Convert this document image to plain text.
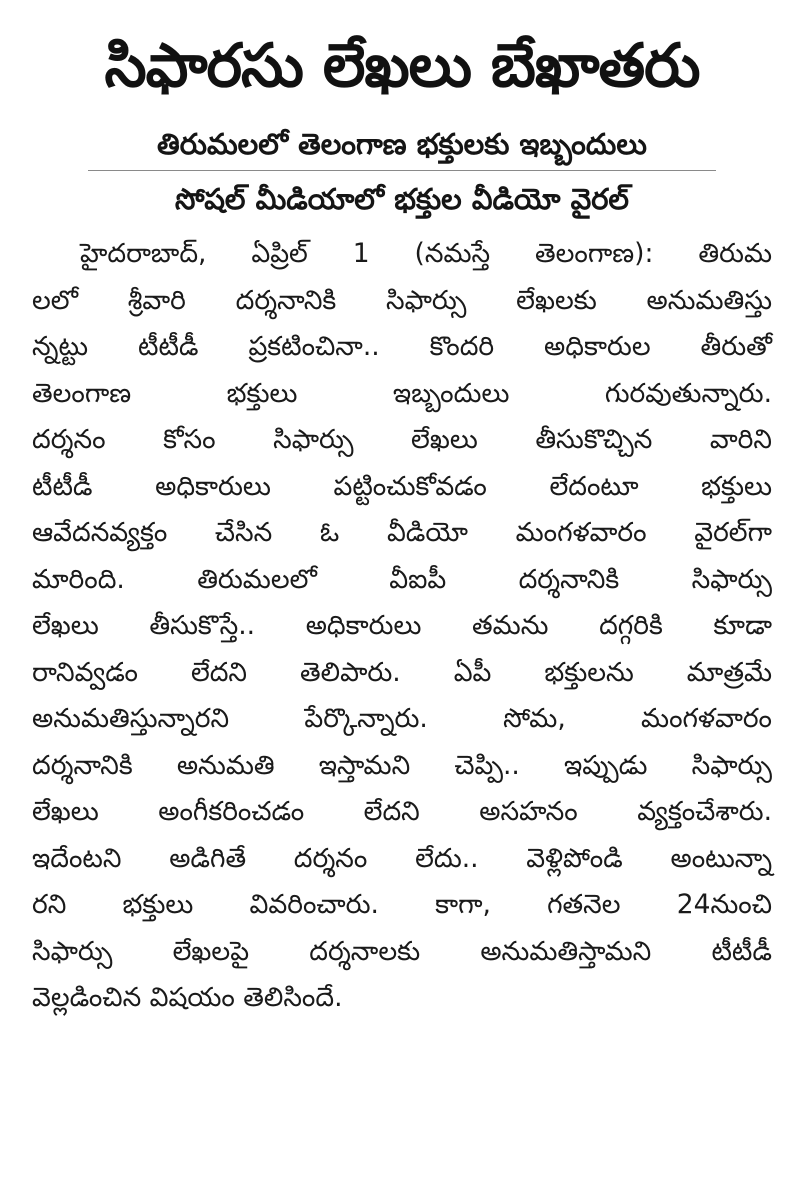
సిఫారసు లేఖలు బేఖాతరు
తిరుమలలో తెలంగాణ భక్తులకు ఇబ్బందులు
సోషల్ మీడియాలో భక్తుల వీడియో వైరల్
హైదరాబాద్, ఏప్రిల్ 1 (నమస్తే తెలంగాణ): తిరుమ
లలో శ్రీవారి దర్శనానికి సిఫార్సు లేఖలకు అనుమతిస్తు
న్నట్టు టీటీడీ ప్రకటించినా.. కొందరి అధికారుల తీరుతో
తెలంగాణ భక్తులు ఇబ్బందులు గురవుతున్నారు.
దర్శనం కోసం సిఫార్సు లేఖలు తీసుకొచ్చిన వారిని
టీటీడీ అధికారులు పట్టించుకోవడం లేదంటూ భక్తులు
ఆవేదనవ్యక్తం చేసిన ఓ వీడియో మంగళవారం వైరల్‌గా
మారింది. తిరుమలలో వీఐపీ దర్శనానికి సిఫార్సు
లేఖలు తీసుకొస్తే.. అధికారులు తమను దగ్గరికి కూడా
రానివ్వడం లేదని తెలిపారు. ఏపీ భక్తులను మాత్రమే
అనుమతిస్తున్నారని పేర్కొన్నారు. సోమ, మంగళవారం
దర్శనానికి అనుమతి ఇస్తామని చెప్పి.. ఇప్పుడు సిఫార్సు
లేఖలు అంగీకరించడం లేదని అసహనం వ్యక్తంచేశారు.
ఇదేంటని అడిగితే దర్శనం లేదు.. వెళ్లిపోండి అంటున్నా
రని భక్తులు వివరించారు. కాగా, గతనెల 24నుంచి
సిఫార్సు లేఖలపై దర్శనాలకు అనుమతిస్తామని టీటీడీ
వెల్లడించిన విషయం తెలిసిందే.
